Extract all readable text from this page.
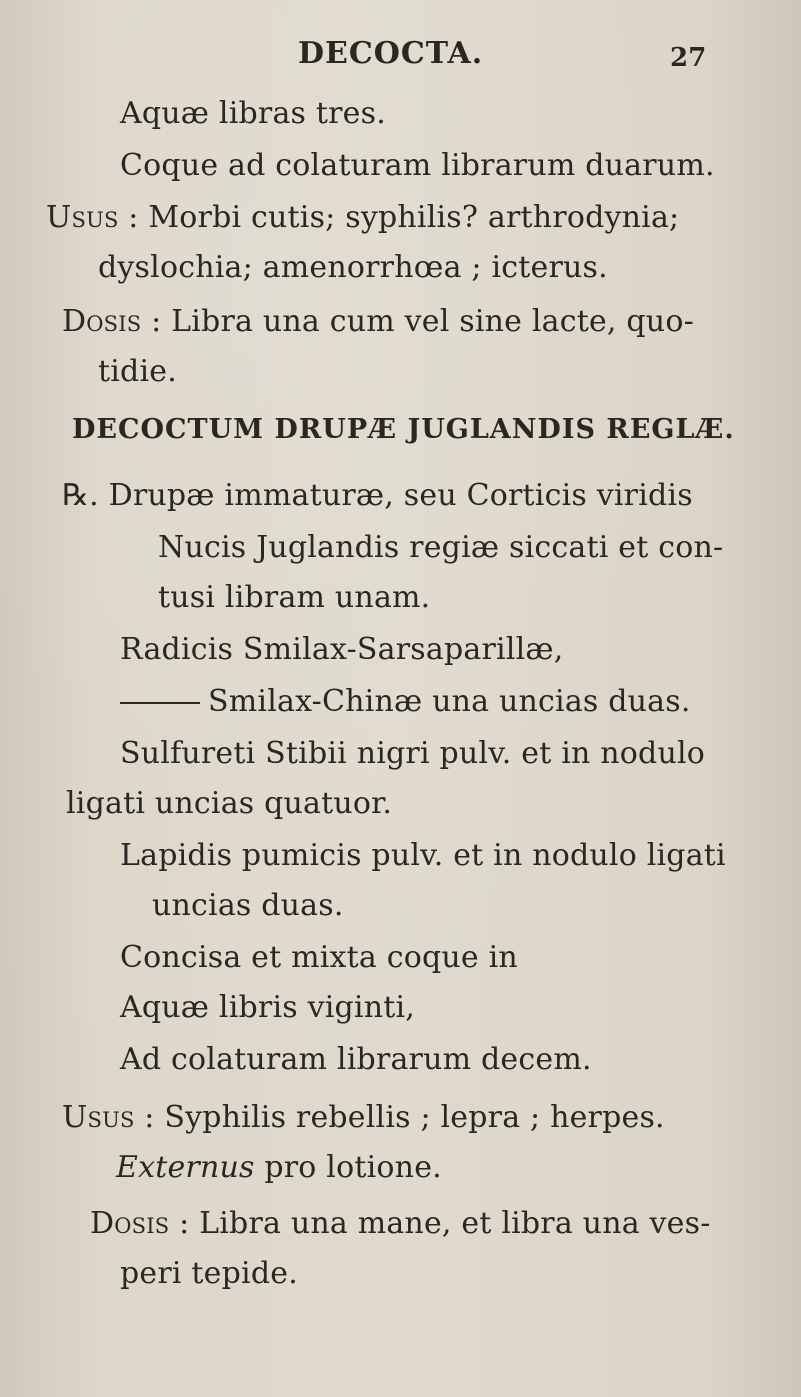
DECOCTA.	27
Aquæ libras tres.
Coque ad colaturam librarum duarum.
Usus : Morbi cutis; syphilis? arthrodynia;
dyslochia; amenorrhœa ; icterus.
Dosis : Libra una cum vel sine lacte, quo-
tidie.
DECOCTUM DRUPÆ JUGLANDIS REGLÆ.
℞. Drupæ immaturæ, seu Corticis viridis
Nucis Juglandis regiæ siccati et con-
tusi libram unam.
Radicis Smilax-Sarsaparillæ,
Smilax-Chinæ una uncias duas.
Sulfureti Stibii nigri pulv. et in nodulo
ligati uncias quatuor.
Lapidis pumicis pulv. et in nodulo ligati
uncias duas.
Concisa et mixta coque in
Aquæ libris viginti,
Ad colaturam librarum decem.
Usus : Syphilis rebellis ; lepra ; herpes.
Externus pro lotione.
Dosis : Libra una mane, et libra una ves-
peri tepide.
